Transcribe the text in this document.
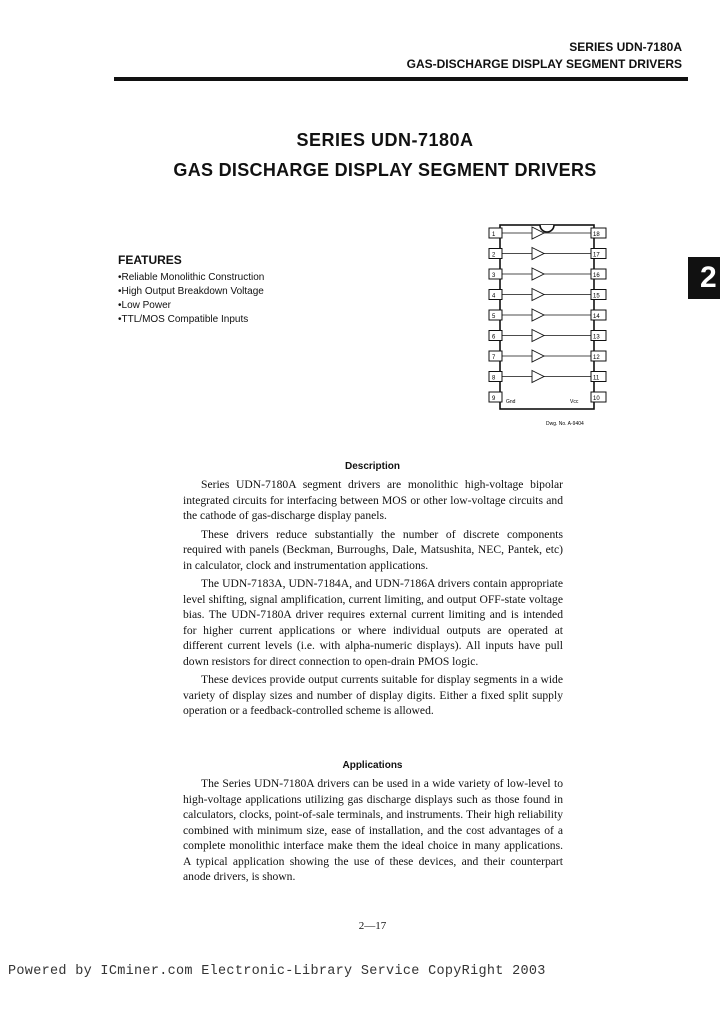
SERIES UDN-7180A
GAS-DISCHARGE DISPLAY SEGMENT DRIVERS
SERIES UDN-7180A
GAS DISCHARGE DISPLAY SEGMENT DRIVERS
2
FEATURES
• Reliable Monolithic Construction
• High Output Breakdown Voltage
• Low Power
• TTL/MOS Compatible Inputs
1
2
3
4
5
6
7
8
9
18
17
16
15
14
13
12
11
10
Gnd	Vcc
Dwg. No. A-9404
Description

Series UDN-7180A segment drivers are monolithic high-voltage bipolar integrated circuits for interfacing between MOS or other low-voltage circuits and the cathode of gas-discharge display panels.

These drivers reduce substantially the number of discrete components required with panels (Beckman, Burroughs, Dale, Matsushita, NEC, Pantek, etc) in calculator, clock and instrumentation applications.

The UDN-7183A, UDN-7184A, and UDN-7186A drivers contain appropriate level shifting, signal amplification, current limiting, and output OFF-state voltage bias. The UDN-7180A driver requires external current limiting and is intended for higher current applications or where individual outputs are operated at different current levels (i.e. with alpha-numeric displays). All inputs have pull down resistors for direct connection to open-drain PMOS logic.

These devices provide output currents suitable for display segments in a wide variety of display sizes and number of display digits. Either a fixed split supply operation or a feedback-controlled scheme is allowed.

Applications

The Series UDN-7180A drivers can be used in a wide variety of low-level to high-voltage applications utilizing gas discharge displays such as those found in calculators, clocks, point-of-sale terminals, and instruments. Their high reliability combined with minimum size, ease of installation, and the cost advantages of a complete monolithic interface make them the ideal choice in many applications. A typical application showing the use of these devices, and their counterpart anode drivers, is shown.

2—17
Powered by ICminer.com Electronic-Library Service CopyRight 2003
